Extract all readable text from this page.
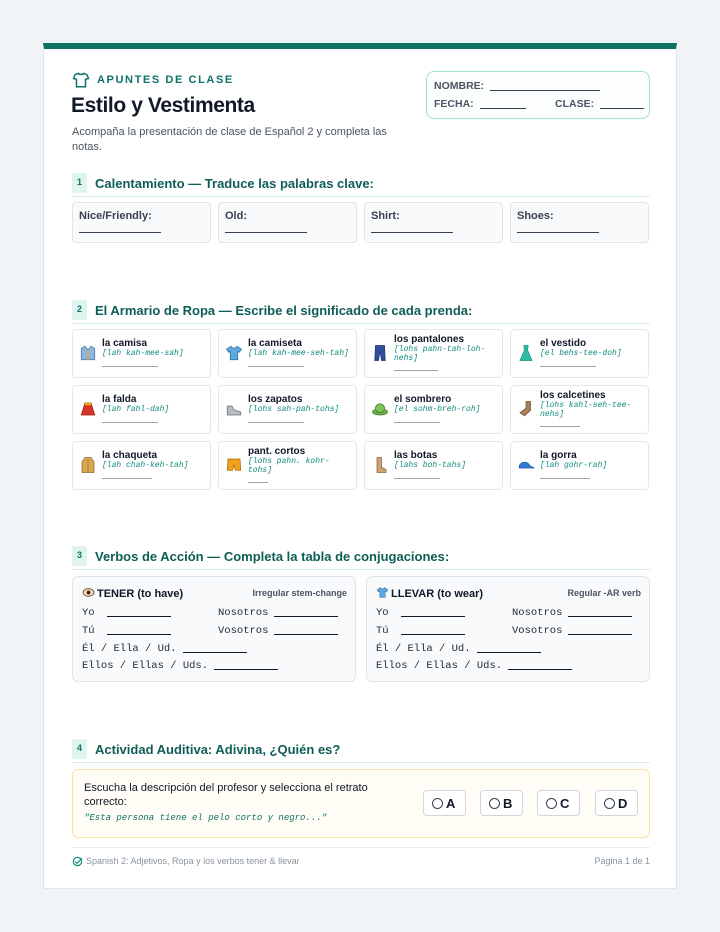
APUNTES DE CLASE
Estilo y Vestimenta
Acompaña la presentación de clase de Español 2 y completa las notas.
NOMBRE:
FECHA:	CLASE:
1	Calentamiento — Traduce las palabras clave:
Nice/Friendly:	Old:	Shirt:	Shoes:
2	El Armario de Ropa — Escribe el significado de cada prenda:
la camisa
[lah kah-mee-sah]
la camiseta
[lah kah-mee-seh-tah]
los pantalones
[lohs pahn-tah-loh-nehs]
el vestido
[el behs-tee-doh]
la falda
[lah fahl-dah]
los zapatos
[lohs sah-pah-tohs]
el sombrero
[el sohm-breh-roh]
los calcetines
[lohs kahl-seh-tee-nehs]
la chaqueta
[lah chah-keh-tah]
pant. cortos
[lohs pahn. kohr-tohs]
las botas
[lahs boh-tahs]
la gorra
[lah gohr-rah]
3	Verbos de Acción — Completa la tabla de conjugaciones:
TENER (to have)	Irregular stem-change
Yo	Nosotros
Tú	Vosotros
Él / Ella / Ud.
Ellos / Ellas / Uds.
LLEVAR (to wear)	Regular -AR verb
Yo	Nosotros
Tú	Vosotros
Él / Ella / Ud.
Ellos / Ellas / Uds.
4	Actividad Auditiva: Adivina, ¿Quién es?
Escucha la descripción del profesor y selecciona el retrato correcto:
"Esta persona tiene el pelo corto y negro..."
A	B	C	D
Spanish 2: Adjetivos, Ropa y los verbos tener & llevar	Página 1 de 1
